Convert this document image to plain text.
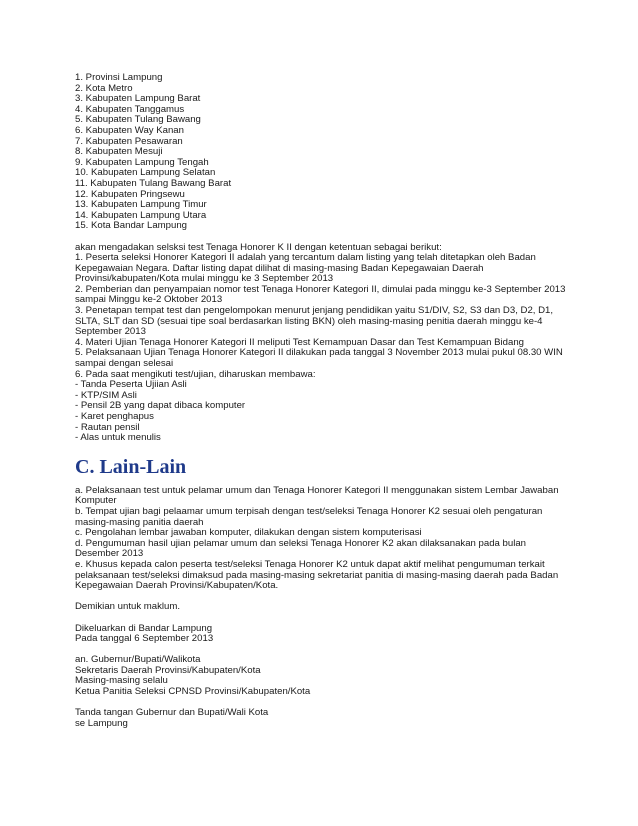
1. Provinsi Lampung
2. Kota Metro
3. Kabupaten Lampung Barat
4. Kabupaten Tanggamus
5. Kabupaten Tulang Bawang
6. Kabupaten Way Kanan
7. Kabupaten Pesawaran
8. Kabupaten Mesuji
9. Kabupaten Lampung Tengah
10. Kabupaten Lampung Selatan
11. Kabupaten Tulang Bawang Barat
12. Kabupaten Pringsewu
13. Kabupaten Lampung Timur
14. Kabupaten Lampung Utara
15. Kota Bandar Lampung
akan mengadakan selsksi test Tenaga Honorer K II dengan ketentuan sebagai berikut:
1. Peserta seleksi Honorer Kategori II adalah yang tercantum dalam listing yang telah ditetapkan oleh Badan
Kepegawaian Negara. Daftar listing dapat dilihat di masing-masing Badan Kepegawaian Daerah
Provinsi/kabupaten/Kota mulai minggu ke 3 September 2013
2. Pemberian dan penyampaian nomor test Tenaga Honorer Kategori II, dimulai pada minggu ke-3 September 2013
sampai Minggu ke-2 Oktober 2013
3. Penetapan tempat test dan pengelompokan menurut jenjang pendidikan yaitu S1/DIV, S2, S3 dan D3, D2, D1,
SLTA, SLT dan SD (sesuai tipe soal berdasarkan listing BKN) oleh masing-masing penitia daerah minggu ke-4
September 2013
4. Materi Ujian Tenaga Honorer Kategori II meliputi Test Kemampuan Dasar dan Test Kemampuan Bidang
5. Pelaksanaan Ujian Tenaga Honorer Kategori II dilakukan pada tanggal 3 November 2013 mulai pukul 08.30 WIN
sampai dengan selesai
6. Pada saat mengikuti test/ujian, diharuskan membawa:
- Tanda Peserta Ujiian Asli
- KTP/SIM Asli
- Pensil 2B yang dapat dibaca komputer
- Karet penghapus
- Rautan pensil
- Alas untuk menulis
C. Lain-Lain
a. Pelaksanaan test untuk pelamar umum dan Tenaga Honorer Kategori II menggunakan sistem Lembar Jawaban
Komputer
b. Tempat ujian bagi pelaamar umum terpisah dengan test/seleksi Tenaga Honorer K2 sesuai oleh pengaturan
masing-masing panitia daerah
c. Pengolahan lembar jawaban komputer, dilakukan dengan sistem komputerisasi
d. Pengumuman hasil ujian pelamar umum dan seleksi Tenaga Honorer K2 akan dilaksanakan pada bulan
Desember 2013
e. Khusus kepada calon peserta test/seleksi Tenaga Honorer K2 untuk dapat aktif melihat pengumuman terkait
pelaksanaan test/seleksi dimaksud pada masing-masing sekretariat panitia di masing-masing daerah pada Badan
Kepegawaian Daerah Provinsi/Kabupaten/Kota.
Demikian untuk maklum.
Dikeluarkan di Bandar Lampung
Pada tanggal 6 September 2013
an. Gubernur/Bupati/Walikota
Sekretaris Daerah Provinsi/Kabupaten/Kota
Masing-masing selalu
Ketua Panitia Seleksi CPNSD Provinsi/Kabupaten/Kota
Tanda tangan Gubernur dan Bupati/Wali Kota
se Lampung
